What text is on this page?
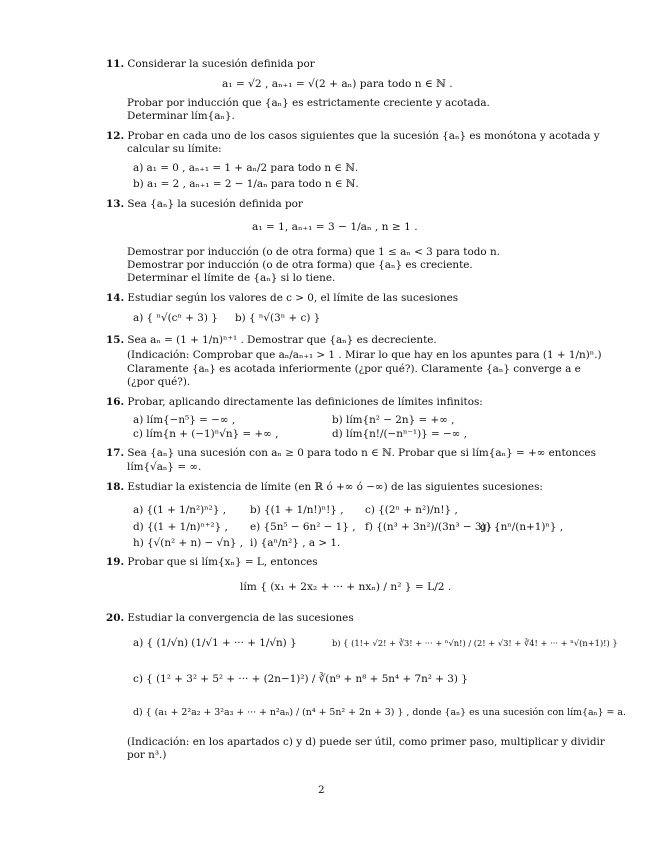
11. Considerar la sucesión definida por
a₁ = √2 , aₙ₊₁ = √(2 + aₙ) para todo n ∈ ℕ .
Probar por inducción que {aₙ} es estrictamente creciente y acotada.
Determinar lím{aₙ}.
12. Probar en cada uno de los casos siguientes que la sucesión {aₙ} es monótona y acotada y
calcular su límite:
a) a₁ = 0 , aₙ₊₁ = 1 + aₙ/2 para todo n ∈ ℕ.
b) a₁ = 2 , aₙ₊₁ = 2 − 1/aₙ para todo n ∈ ℕ.
13. Sea {aₙ} la sucesión definida por
a₁ = 1, aₙ₊₁ = 3 − 1/aₙ , n ≥ 1 .
Demostrar por inducción (o de otra forma) que 1 ≤ aₙ < 3 para todo n.
Demostrar por inducción (o de otra forma) que {aₙ} es creciente.
Determinar el límite de {aₙ} si lo tiene.
14. Estudiar según los valores de c > 0, el límite de las sucesiones
a) { ⁿ√(cⁿ + 3) } b) { ⁿ√(3ⁿ + c) }
15. Sea aₙ = (1 + 1/n)ⁿ⁺¹ . Demostrar que {aₙ} es decreciente.
(Indicación: Comprobar que aₙ/aₙ₊₁ > 1 . Mirar lo que hay en los apuntes para (1 + 1/n)ⁿ.)
Claramente {aₙ} es acotada inferiormente (¿por qué?). Claramente {aₙ} converge a e
(¿por qué?).
16. Probar, aplicando directamente las definiciones de límites infinitos:
a) lím{−n⁵} = −∞ ,	b) lím{n² − 2n} = +∞ ,
c) lím{n + (−1)ⁿ√n} = +∞ ,	d) lím{n!/(−nⁿ⁻¹)} = −∞ ,
17. Sea {aₙ} una sucesión con aₙ ≥ 0 para todo n ∈ ℕ. Probar que si lím{aₙ} = +∞ entonces
lím{√aₙ} = ∞.
18. Estudiar la existencia de límite (en ℝ ó +∞ ó −∞) de las siguientes sucesiones:
a) {(1 + 1/n²)ⁿ²} , b) {(1 + 1/n!)ⁿ!} , c) {(2ⁿ + n²)/n!} ,
d) {(1 + 1/n)ⁿ⁺²} , e) {5n⁵ − 6n² − 1} , f) {(n³ + 3n²)/(3n³ − 3)} ,
g) {nⁿ/(n+1)ⁿ} ,
h) {√(n² + n) − √n} , i) {aⁿ/n²} , a > 1.
19. Probar que si lím{xₙ} = L, entonces
lím { (x₁ + 2x₂ + ··· + nxₙ) / n² } = L/2 .
20. Estudiar la convergencia de las sucesiones
a) { (1/√n) (1/√1 + ··· + 1/√n) }	b) { (1!+ √2! + ∛3! + ··· + ⁿ√n!) / (2! + √3! + ∛4! + ··· + ⁿ√(n+1)!) }
c) { (1² + 3² + 5² + ··· + (2n−1)²) / ∛(n⁹ + n⁸ + 5n⁴ + 7n² + 3) }
d) { (a₁ + 2²a₂ + 3²a₃ + ··· + n²aₙ) / (n⁴ + 5n² + 2n + 3) } , donde {aₙ} es una sucesión con lím{aₙ} = a.
(Indicación: en los apartados c) y d) puede ser útil, como primer paso, multiplicar y dividir
por n³.)
2
